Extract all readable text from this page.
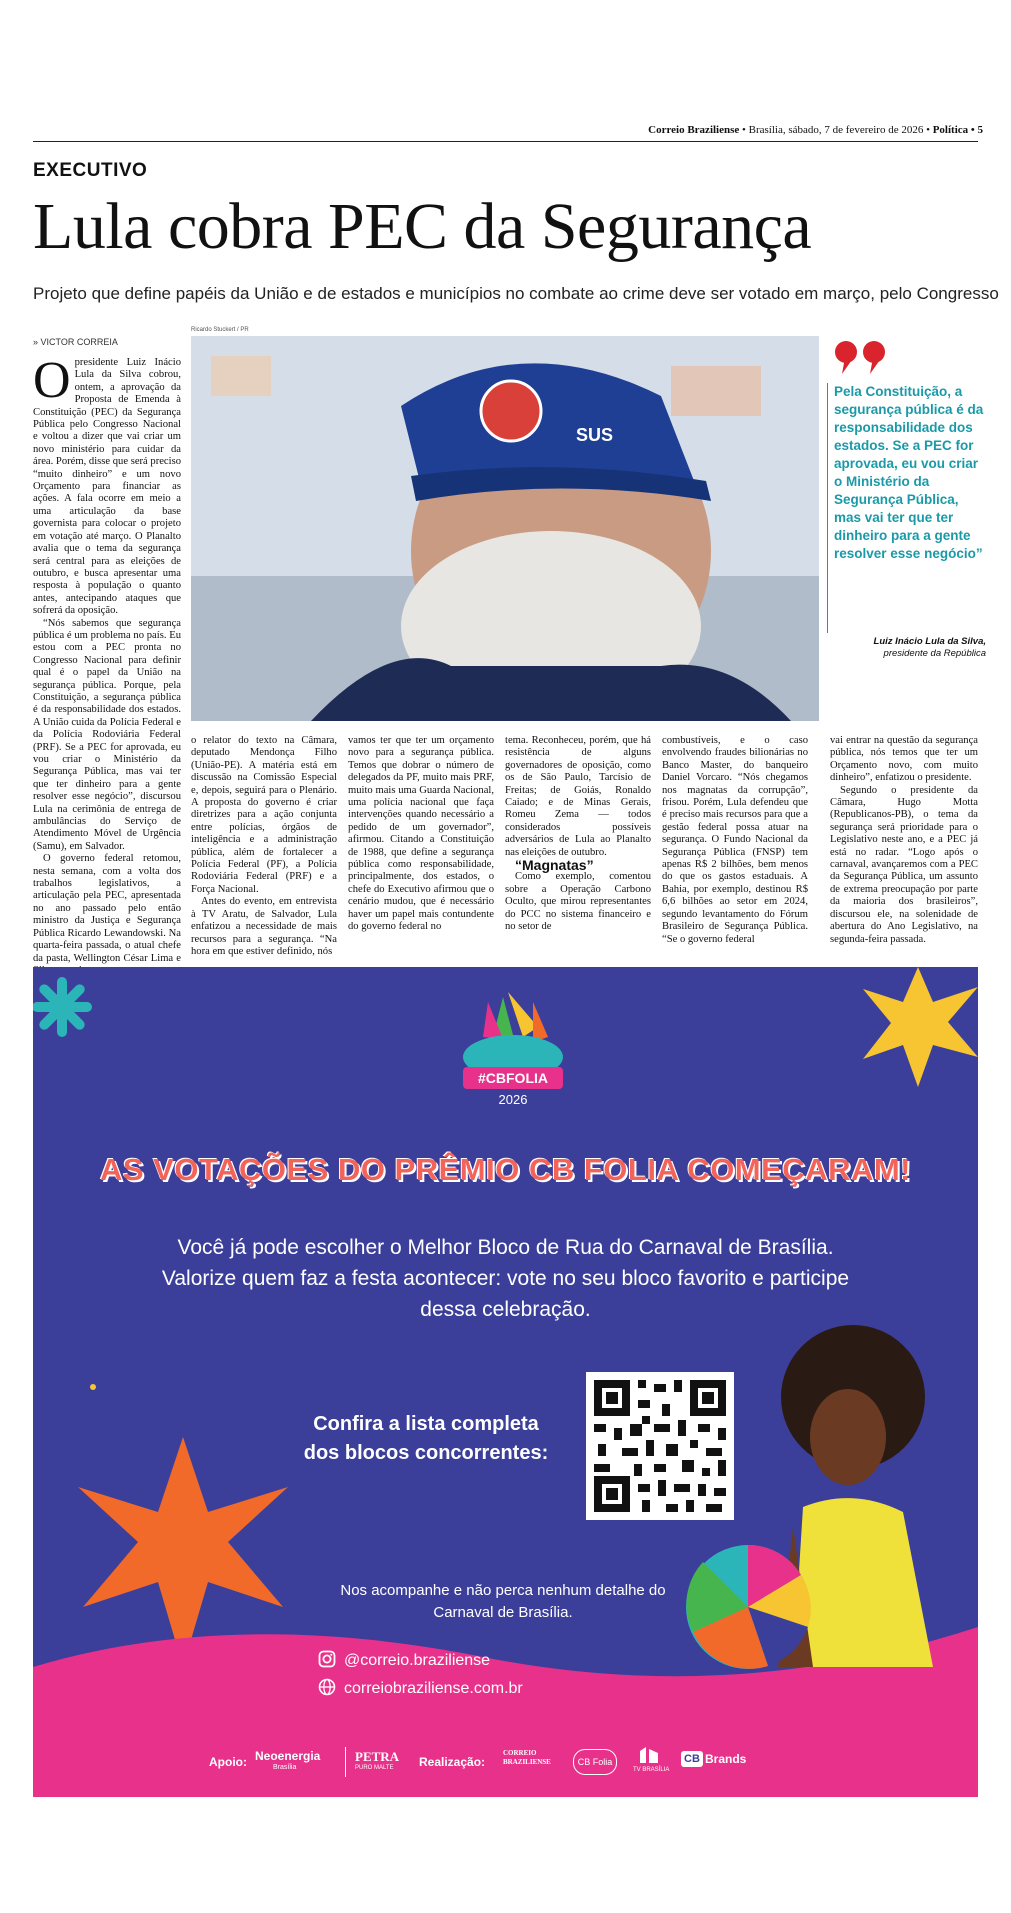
Correio Braziliense • Brasília, sábado, 7 de fevereiro de 2026 • Política • 5
EXECUTIVO
Lula cobra PEC da Segurança
Projeto que define papéis da União e de estados e municípios no combate ao crime deve ser votado em março, pelo Congresso
» VICTOR CORREIA
O presidente Luiz Inácio Lula da Silva cobrou, ontem, a aprovação da Proposta de Emenda à Constituição (PEC) da Segurança Pública pelo Congresso Nacional e voltou a dizer que vai criar um novo ministério para cuidar da área. Porém, disse que será preciso “muito dinheiro” e um novo Orçamento para financiar as ações. A fala ocorre em meio a uma articulação da base governista para colocar o projeto em votação até março. O Planalto avalia que o tema da segurança será central para as eleições de outubro, e busca apresentar uma resposta à população o quanto antes, antecipando ataques que sofrerá da oposição.

“Nós sabemos que segurança pública é um problema no país. Eu estou com a PEC pronta no Congresso Nacional para definir qual é o papel da União na segurança pública. Porque, pela Constituição, a segurança pública é da responsabilidade dos estados. A União cuida da Polícia Federal e da Polícia Rodoviária Federal (PRF). Se a PEC for aprovada, eu vou criar o Ministério da Segurança Pública, mas vai ter que ter dinheiro para a gente resolver esse negócio”, discursou Lula na cerimônia de entrega de ambulâncias do Serviço de Atendimento Móvel de Urgência (Samu), em Salvador.

O governo federal retomou, nesta semana, com a volta dos trabalhos legislativos, a articulação pela PEC, apresentada no ano passado pelo então ministro da Justiça e Segurança Pública Ricardo Lewandowski. Na quarta-feira passada, o atual chefe da pasta, Wellington César Lima e

Ricardo Stuckert / PR
SUS
Pela Constituição, a segurança pública é da responsabilidade dos estados. Se a PEC for aprovada, eu vou criar o Ministério da Segurança Pública, mas vai ter que ter dinheiro para a gente resolver esse negócio”
Luiz Inácio Lula da Silva,
presidente da República

o relator do texto na Câmara, deputado Mendonça Filho (União-PE). A matéria está em discussão na Comissão Especial e, depois, seguirá para o Plenário. A proposta do governo é criar diretrizes para a ação conjunta entre polícias, órgãos de inteligência e a administração pública, além de fortalecer a Polícia Federal (PF), a Polícia Rodoviária Federal (PRF) e a Força Nacional.

Antes do evento, em entrevista à TV Aratu, de Salvador, Lula enfatizou a necessidade de mais recursos para a segurança. “Na hora em que estiver definido, nós

vamos ter que ter um orçamento novo para a segurança pública. Temos que dobrar o número de delegados da PF, muito mais PRF, muito mais uma Guarda Nacional, uma polícia nacional que faça intervenções quando necessário a pedido de um governador”, afirmou. Citando a Constituição de 1988, que define a segurança pública como responsabilidade, principalmente, dos estados, o chefe do Executivo afirmou que o cenário mudou, que é necessário haver um papel mais contundente do governo federal no

tema. Reconheceu, porém, que há resistência de alguns governadores de oposição, como os de São Paulo, Tarcísio de Freitas; de Goiás, Ronaldo Caiado; e de Minas Gerais, Romeu Zema — todos considerados possíveis adversários de Lula ao Planalto nas eleições de outubro.

“Magnatas”

Como exemplo, comentou sobre a Operação Carbono Oculto, que mirou representantes do PCC no sistema financeiro e no setor de

combustíveis, e o caso envolvendo fraudes bilionárias no Banco Master, do banqueiro Daniel Vorcaro. “Nós chegamos nos magnatas da corrupção”, frisou. Porém, Lula defendeu que é preciso mais recursos para que a gestão federal possa atuar na segurança. O Fundo Nacional da Segurança Pública (FNSP) tem apenas R$ 2 bilhões, bem menos do que os gastos estaduais. A Bahia, por exemplo, destinou R$ 6,6 bilhões ao setor em 2024, segundo levantamento do Fórum Brasileiro de Segurança Pública. “Se o governo federal

vai entrar na questão da segurança pública, nós temos que ter um Orçamento novo, com muito dinheiro”, enfatizou o presidente.

Segundo o presidente da Câmara, Hugo Motta (Republicanos-PB), o tema da segurança será prioridade para o Legislativo neste ano, e a PEC já está no radar. “Logo após o carnaval, avançaremos com a PEC da Segurança Pública, um assunto de extrema preocupação por parte da maioria dos brasileiros”, discursou ele, na solenidade de abertura do Ano Legislativo, na segunda-feira passada.

#CBFOLIA
2026
AS VOTAÇÕES DO PRÊMIO CB FOLIA COMEÇARAM!
Você já pode escolher o Melhor Bloco de Rua do Carnaval de Brasília. Valorize quem faz a festa acontecer: vote no seu bloco favorito e participe dessa celebração.
Confira a lista completa dos blocos concorrentes:
Nos acompanhe e não perca nenhum detalhe do Carnaval de Brasília.
@correio.braziliense
correiobraziliense.com.br
Apoio: Neoenergia
Brasília
PETRA
PURO MALTE Realização:
CORREIO BRAZILIENSE	CB Folia
TV BRASÍLIA
CB Brands
